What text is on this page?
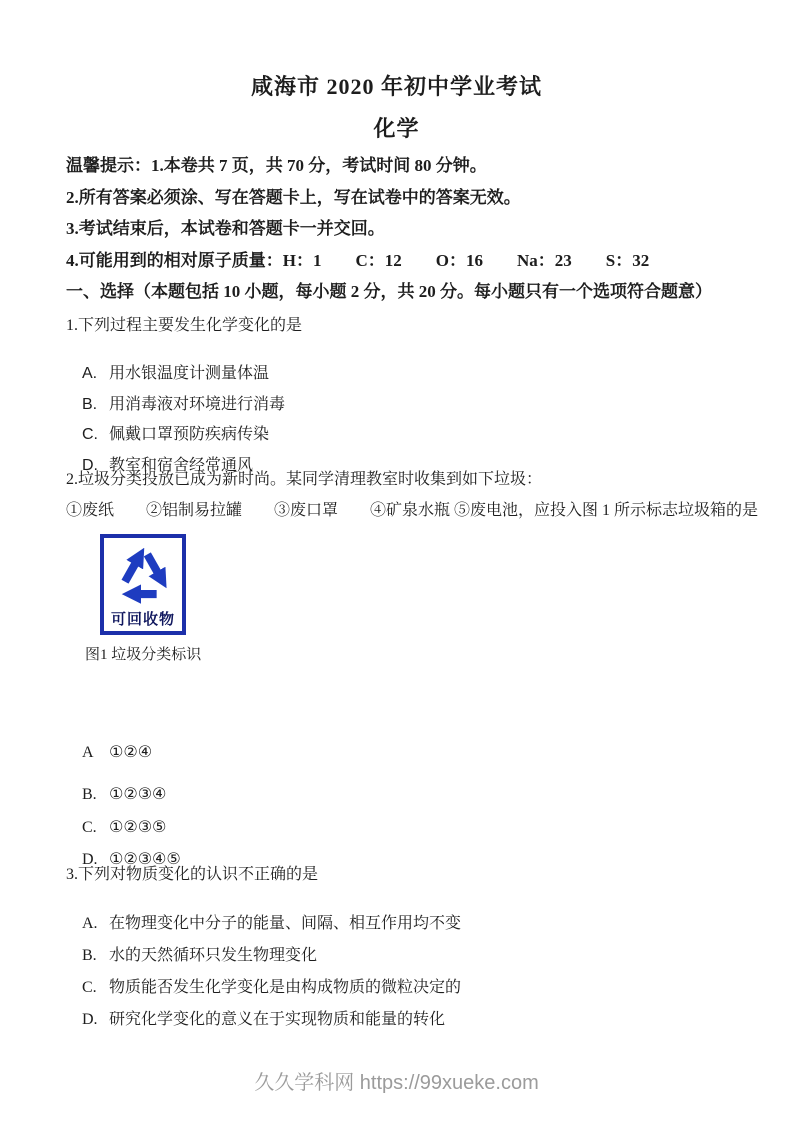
咸海市 2020 年初中学业考试
化学
温馨提示：1.本卷共 7 页，共 70 分，考试时间 80 分钟。
2.所有答案必须涂、写在答题卡上，写在试卷中的答案无效。
3.考试结束后，本试卷和答题卡一并交回。
4.可能用到的相对原子质量：H：1　　C：12　　O：16　　Na：23　　S：32
一、选择（本题包括 10 小题，每小题 2 分，共 20 分。每小题只有一个选项符合题意）
1.下列过程主要发生化学变化的是

A. 用水银温度计测量体温

B. 用消毒液对环境进行消毒

C. 佩戴口罩预防疾病传染

D. 教室和宿舍经常通风

2.垃圾分类投放已成为新时尚。某同学清理教室时收集到如下垃圾：
①废纸　　②铝制易拉罐　　③废口罩　　④矿泉水瓶 ⑤废电池，应投入图 1 所示标志垃圾箱的是
可回收物
图1 垃圾分类标识

A ①②④

B. ①②③④

C. ①②③⑤

D. ①②③④⑤

3.下列对物质变化的认识不正确的是

A. 在物理变化中分子的能量、间隔、相互作用均不变

B. 水的天然循环只发生物理变化

C. 物质能否发生化学变化是由构成物质的微粒决定的

D. 研究化学变化的意义在于实现物质和能量的转化

久久学科网 https://99xueke.com
